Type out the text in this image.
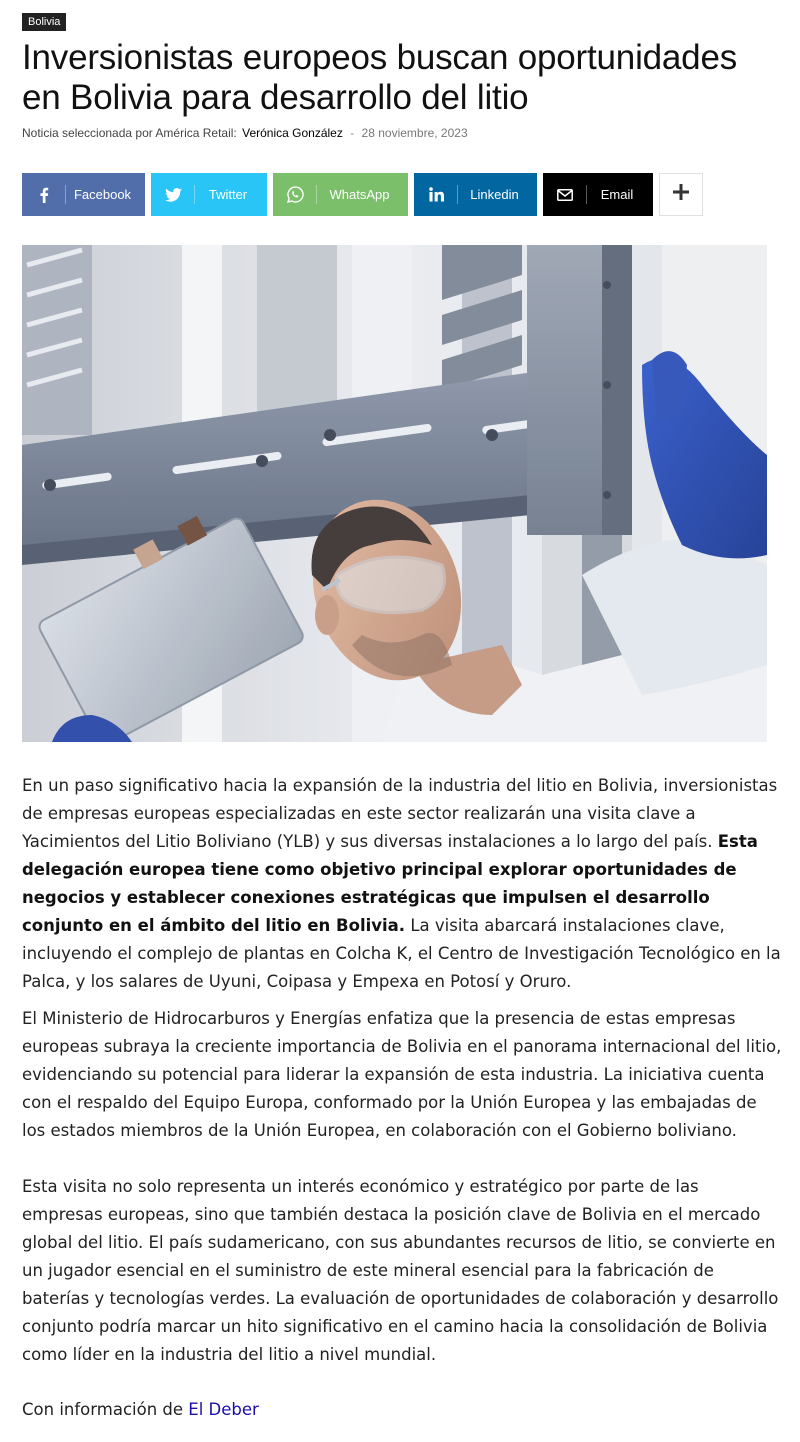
Bolivia
Inversionistas europeos buscan oportunidades en Bolivia para desarrollo del litio
Noticia seleccionada por América Retail: Verónica González - 28 noviembre, 2023
Facebook	Twitter	WhatsApp	Linkedin	Email

En un paso significativo hacia la expansión de la industria del litio en Bolivia, inversionistas de empresas europeas especializadas en este sector realizarán una visita clave a Yacimientos del Litio Boliviano (YLB) y sus diversas instalaciones a lo largo del país. Esta delegación europea tiene como objetivo principal explorar oportunidades de negocios y establecer conexiones estratégicas que impulsen el desarrollo conjunto en el ámbito del litio en Bolivia. La visita abarcará instalaciones clave, incluyendo el complejo de plantas en Colcha K, el Centro de Investigación Tecnológico en la Palca, y los salares de Uyuni, Coipasa y Empexa en Potosí y Oruro.

El Ministerio de Hidrocarburos y Energías enfatiza que la presencia de estas empresas europeas subraya la creciente importancia de Bolivia en el panorama internacional del litio, evidenciando su potencial para liderar la expansión de esta industria. La iniciativa cuenta con el respaldo del Equipo Europa, conformado por la Unión Europea y las embajadas de los estados miembros de la Unión Europea, en colaboración con el Gobierno boliviano.

Esta visita no solo representa un interés económico y estratégico por parte de las empresas europeas, sino que también destaca la posición clave de Bolivia en el mercado global del litio. El país sudamericano, con sus abundantes recursos de litio, se convierte en un jugador esencial en el suministro de este mineral esencial para la fabricación de baterías y tecnologías verdes. La evaluación de oportunidades de colaboración y desarrollo conjunto podría marcar un hito significativo en el camino hacia la consolidación de Bolivia como líder en la industria del litio a nivel mundial.

Con información de El Deber
